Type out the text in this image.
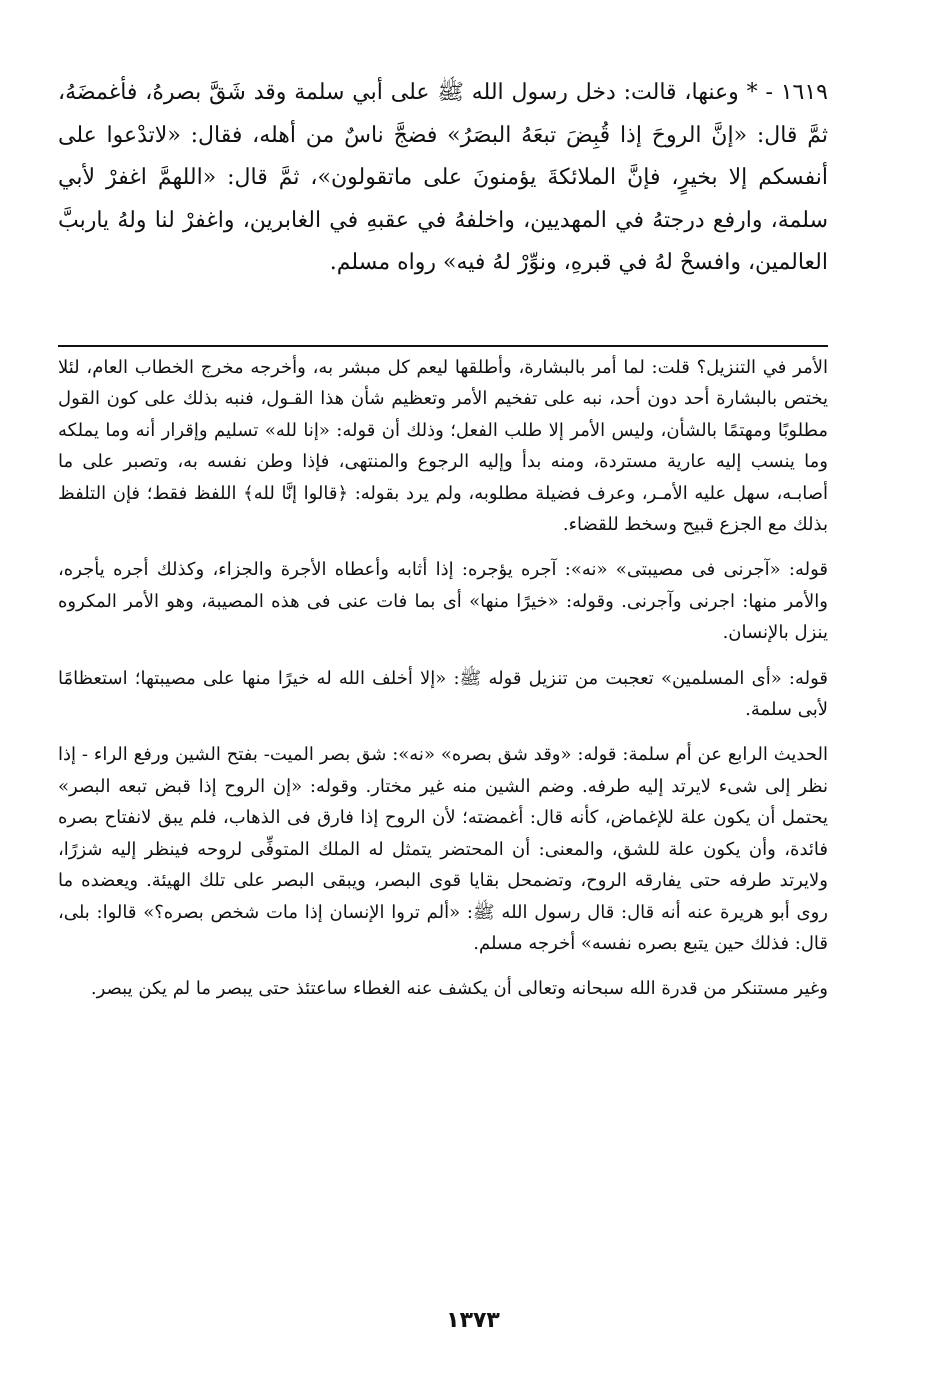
١٦١٩ - * وعنها، قالت: دخل رسول الله ﷺ على أبي سلمة وقد شَقَّ بصرهُ، فأغمضَهُ، ثمَّ قال: «إنَّ الروحَ إذا قُبِضَ تبعَهُ البصَرُ» فضجَّ ناسٌ من أهله، فقال: «لاتدْعوا على أنفسكم إلا بخيرٍ، فإنَّ الملائكةَ يؤمنونَ على ماتقولون»، ثمَّ قال: «اللهمَّ اغفرْ لأبي سلمة، وارفع درجتهُ في المهديين، واخلفهُ في عقبهِ في الغابرين، واغفرْ لنا ولهُ يارببَّ العالمين، وافسحْ لهُ في قبرهِ، ونوِّرْ لهُ فيه» رواه مسلم.

الأمر في التنزيل؟ قلت: لما أمر بالبشارة، وأطلقها ليعم كل مبشر به، وأخرجه مخرج الخطاب العام، لئلا يختص بالبشارة أحد دون أحد، نبه على تفخيم الأمر وتعظيم شأن هذا القـول، فنبه بذلك على كون القول مطلوبًا ومهتمًا بالشأن، وليس الأمر إلا طلب الفعل؛ وذلك أن قوله: «إنا لله» تسليم وإقرار أنه وما يملكه وما ينسب إليه عارية مستردة، ومنه بدأ وإليه الرجوع والمنتهى، فإذا وطن نفسه به، وتصبر على ما أصابـه، سهل عليه الأمـر، وعرف فضيلة مطلوبه، ولم يرد بقوله: ﴿قالوا إنَّا لله﴾ اللفظ فقط؛ فإن التلفظ بذلك مع الجزع قبيح وسخط للقضاء.

قوله: «آجرنى فى مصيبتى» «نه»: آجره يؤجره: إذا أثابه وأعطاه الأجرة والجزاء، وكذلك أجره يأجره، والأمر منها: اجرنى وآجرنى. وقوله: «خيرًا منها» أى بما فات عنى فى هذه المصيبة، وهو الأمر المكروه ينزل بالإنسان.

قوله: «أى المسلمين» تعجبت من تنزيل قوله ﷺ: «إلا أخلف الله له خيرًا منها على مصيبتها؛ استعظامًا لأبى سلمة.

الحديث الرابع عن أم سلمة: قوله: «وقد شق بصره» «نه»: شق بصر الميت- بفتح الشين ورفع الراء - إذا نظر إلى شىء لايرتد إليه طرفه. وضم الشين منه غير مختار. وقوله: «إن الروح إذا قبض تبعه البصر» يحتمل أن يكون علة للإغماض، كأنه قال: أغمضته؛ لأن الروح إذا فارق فى الذهاب، فلم يبق لانفتاح بصره فائدة، وأن يكون علة للشق، والمعنى: أن المحتضر يتمثل له الملك المتوفِّى لروحه فينظر إليه شزرًا، ولايرتد طرفه حتى يفارقه الروح، وتضمحل بقايا قوى البصر، ويبقى البصر على تلك الهيئة. ويعضده ما روى أبو هريرة عنه أنه قال: قال رسول الله ﷺ: «ألم تروا الإنسان إذا مات شخص بصره؟» قالوا: بلى، قال: فذلك حين يتبع بصره نفسه» أخرجه مسلم.

وغير مستنكر من قدرة الله سبحانه وتعالى أن يكشف عنه الغطاء ساعتئذ حتى يبصر ما لم يكن يبصر.

١٣٧٣
